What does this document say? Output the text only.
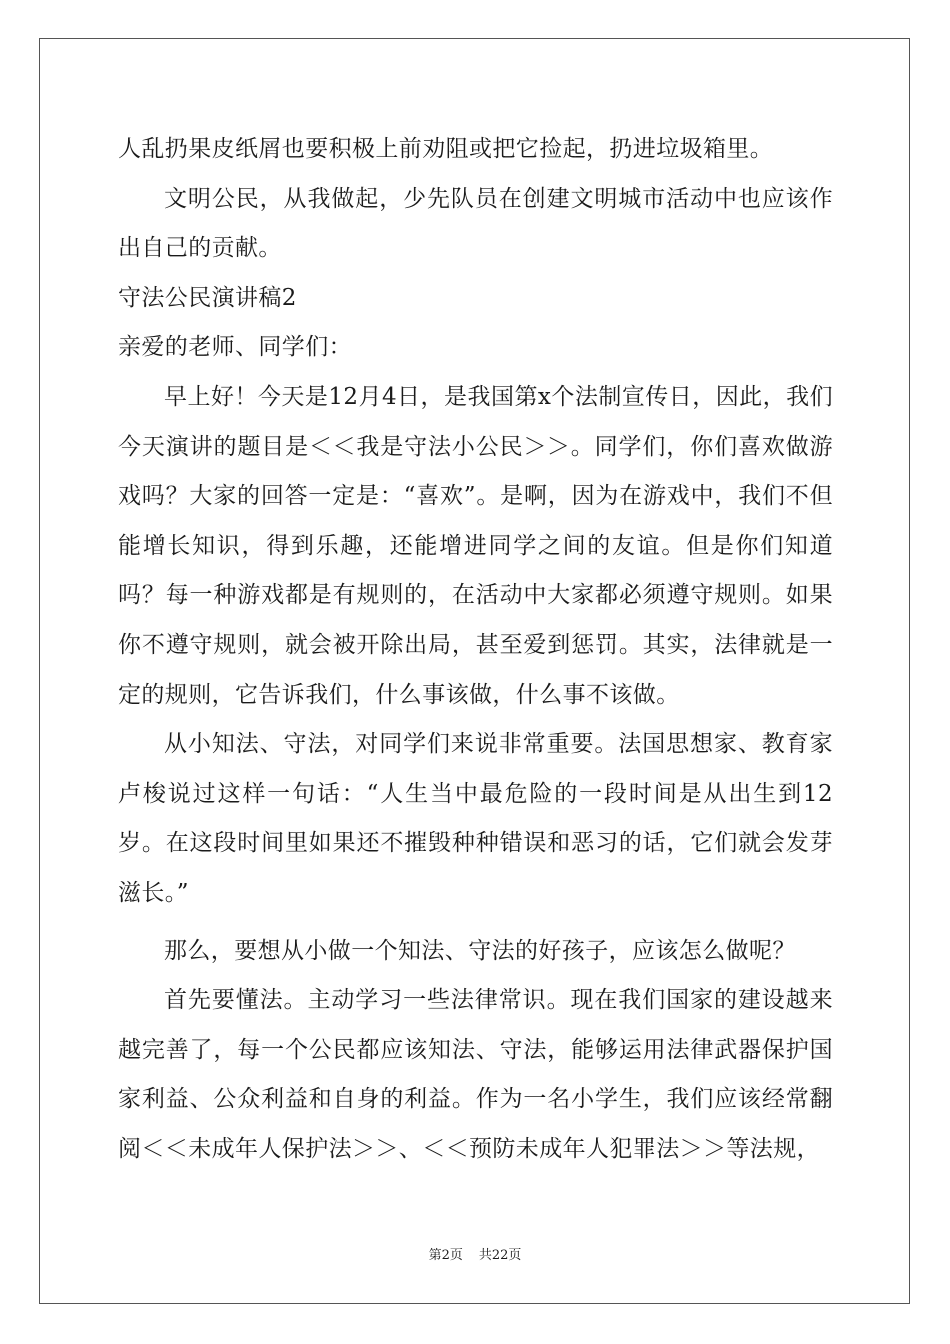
人乱扔果皮纸屑也要积极上前劝阻或把它捡起，扔进垃圾箱里。

文明公民，从我做起，少先队员在创建文明城市活动中也应该作出自己的贡献。

守法公民演讲稿2

亲爱的老师、同学们：

早上好！今天是12月4日，是我国第x个法制宣传日，因此，我们今天演讲的题目是＜＜我是守法小公民＞＞。同学们，你们喜欢做游戏吗？大家的回答一定是：“喜欢”。是啊，因为在游戏中，我们不但能增长知识，得到乐趣，还能增进同学之间的友谊。但是你们知道吗？每一种游戏都是有规则的，在活动中大家都必须遵守规则。如果你不遵守规则，就会被开除出局，甚至爱到惩罚。其实，法律就是一定的规则，它告诉我们，什么事该做，什么事不该做。

从小知法、守法，对同学们来说非常重要。法国思想家、教育家卢梭说过这样一句话：“人生当中最危险的一段时间是从出生到12岁。在这段时间里如果还不摧毁种种错误和恶习的话，它们就会发芽滋长。”

那么，要想从小做一个知法、守法的好孩子，应该怎么做呢？

首先要懂法。主动学习一些法律常识。现在我们国家的建设越来越完善了，每一个公民都应该知法、守法，能够运用法律武器保护国家利益、公众利益和自身的利益。作为一名小学生，我们应该经常翻阅＜＜未成年人保护法＞＞、＜＜预防未成年人犯罪法＞＞等法规，

第2页 共22页
